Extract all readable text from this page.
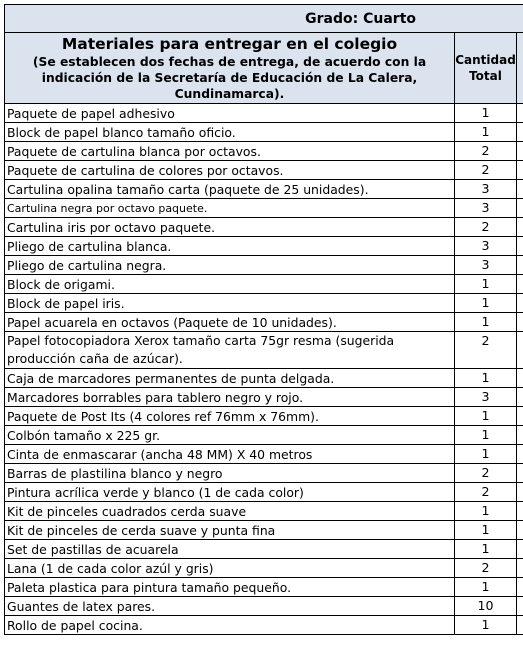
Grado: Cuarto		

Materiales para entregar en el colegio
(Se establecen dos fechas de entrega, de acuerdo con la indicación de la Secretaría de Educación de La Calera, Cundinamarca).	Cantidad
Total	
Paquete de papel adhesivo	1	
Block de papel blanco tamaño oficio.	1	
Paquete de cartulina blanca por octavos.	2	
Paquete de cartulina de colores por octavos.	2	
Cartulina opalina tamaño carta (paquete de 25 unidades).	3	
Cartulina negra por octavo paquete.	3	
Cartulina iris por octavo paquete.	2	
Pliego de cartulina blanca.	3	
Pliego de cartulina negra.	3	
Block de origami.	1	
Block de papel iris.	1	
Papel acuarela en octavos (Paquete de 10 unidades).	1	
Papel fotocopiadora Xerox tamaño carta 75gr resma (sugerida producción caña de azúcar).	2	
Caja de marcadores permanentes de punta delgada.	1	
Marcadores borrables para tablero negro y rojo.	3	
Paquete de Post Its (4 colores ref 76mm x 76mm).	1	
Colbón tamaño x 225 gr.	1	
Cinta de enmascarar (ancha 48 MM) X 40 metros	1	
Barras de plastilina blanco y negro	2	
Pintura acrílica verde y blanco (1 de cada color)	2	
Kit de pinceles cuadrados cerda suave	1	
Kit de pinceles de cerda suave y punta fina	1	
Set de pastillas de acuarela	1	
Lana (1 de cada color azúl y gris)	2	
Paleta plastica para pintura tamaño pequeño.	1	
Guantes de latex pares.	10	
Rollo de papel cocina.	1	
